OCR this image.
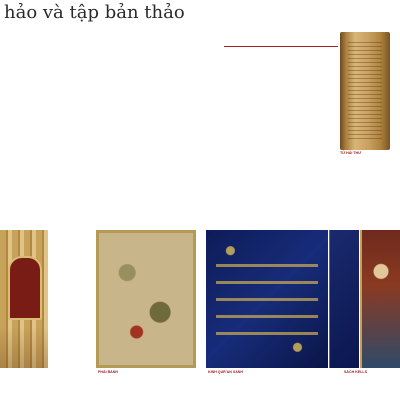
hảo và tập bản thảo
TỬ HẢI THƯ
PHÁI BÁNH	KINH QUR'AN XANH	SÁCH KELLS
